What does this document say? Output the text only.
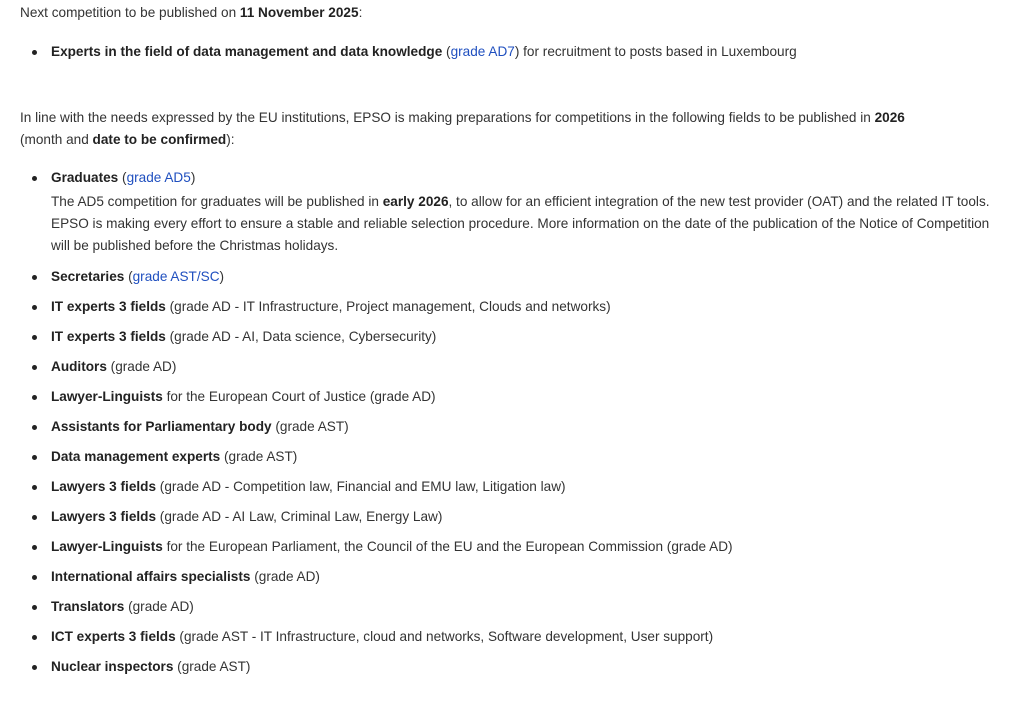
Next competition to be published on 11 November 2025:

Experts in the field of data management and data knowledge (grade AD7) for recruitment to posts based in Luxembourg

In line with the needs expressed by the EU institutions, EPSO is making preparations for competitions in the following fields to be published in 2026
(month and date to be confirmed):

Graduates (grade AD5)
The AD5 competition for graduates will be published in early 2026, to allow for an efficient integration of the new test provider (OAT) and the related IT tools. EPSO is making every effort to ensure a stable and reliable selection procedure. More information on the date of the publication of the Notice of Competition will be published before the Christmas holidays.
Secretaries (grade AST/SC)
IT experts 3 fields (grade AD - IT Infrastructure, Project management, Clouds and networks)
IT experts 3 fields (grade AD - AI, Data science, Cybersecurity)
Auditors (grade AD)
Lawyer-Linguists for the European Court of Justice (grade AD)
Assistants for Parliamentary body (grade AST)
Data management experts (grade AST)
Lawyers 3 fields (grade AD - Competition law, Financial and EMU law, Litigation law)
Lawyers 3 fields (grade AD - AI Law, Criminal Law, Energy Law)
Lawyer-Linguists for the European Parliament, the Council of the EU and the European Commission (grade AD)
International affairs specialists (grade AD)
Translators (grade AD)
ICT experts 3 fields (grade AST - IT Infrastructure, cloud and networks, Software development, User support)
Nuclear inspectors (grade AST)
